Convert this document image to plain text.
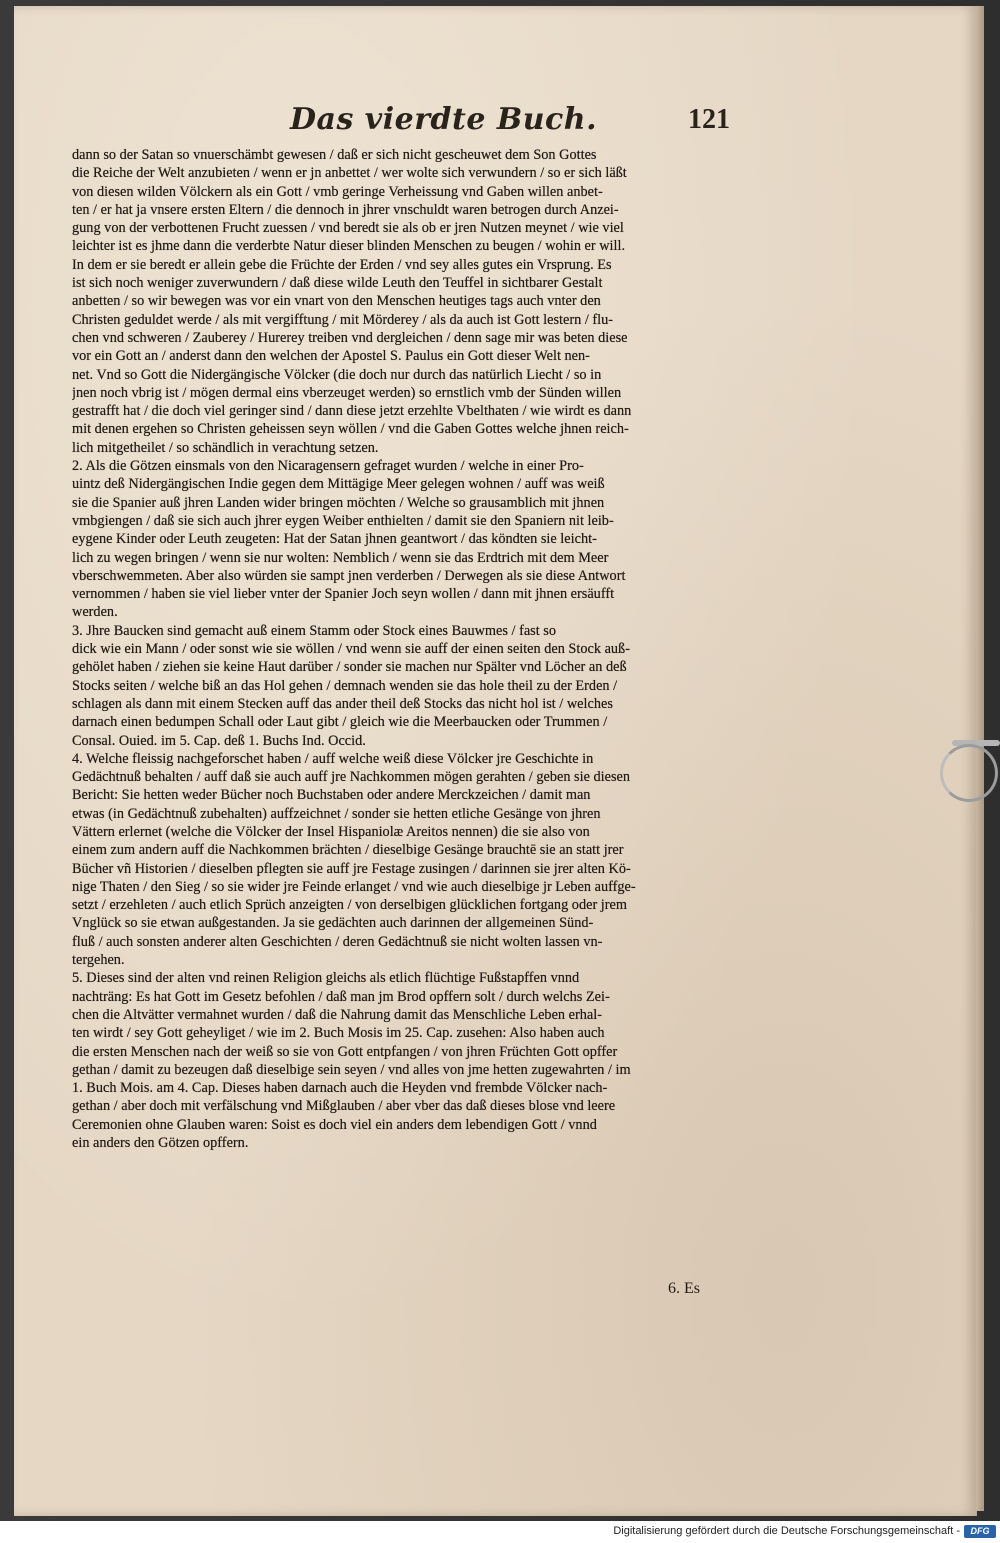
Das vierdte Buch.	121
dann so der Satan so vnuerschämbt gewesen / daß er sich nicht gescheuwet dem Son Gottes
die Reiche der Welt anzubieten / wenn er jn anbettet / wer wolte sich verwundern / so er sich läßt
von diesen wilden Völckern als ein Gott / vmb geringe Verheissung vnd Gaben willen anbet-
ten / er hat ja vnsere ersten Eltern / die dennoch in jhrer vnschuldt waren betrogen durch Anzei-
gung von der verbottenen Frucht zuessen / vnd beredt sie als ob er jren Nutzen meynet / wie viel
leichter ist es jhme dann die verderbte Natur dieser blinden Menschen zu beugen / wohin er will.
In dem er sie beredt er allein gebe die Früchte der Erden / vnd sey alles gutes ein Vrsprung. Es
ist sich noch weniger zuverwundern / daß diese wilde Leuth den Teuffel in sichtbarer Gestalt
anbetten / so wir bewegen was vor ein vnart von den Menschen heutiges tags auch vnter den
Christen geduldet werde / als mit vergifftung / mit Mörderey / als da auch ist Gott lestern / flu-
chen vnd schweren / Zauberey / Hurerey treiben vnd dergleichen / denn sage mir was beten diese
vor ein Gott an / anderst dann den welchen der Apostel S. Paulus ein Gott dieser Welt nen-
net. Vnd so Gott die Nidergängische Völcker (die doch nur durch das natürlich Liecht / so in
jnen noch vbrig ist / mögen dermal eins vberzeuget werden) so ernstlich vmb der Sünden willen
gestrafft hat / die doch viel geringer sind / dann diese jetzt erzehlte Vbelthaten / wie wirdt es dann
mit denen ergehen so Christen geheissen seyn wöllen / vnd die Gaben Gottes welche jhnen reich-
lich mitgetheilet / so schändlich in verachtung setzen.
2. Als die Götzen einsmals von den Nicaragensern gefraget wurden / welche in einer Pro-
uintz deß Nidergängischen Indie gegen dem Mittägige Meer gelegen wohnen / auff was weiß
sie die Spanier auß jhren Landen wider bringen möchten / Welche so grausamblich mit jhnen
vmbgiengen / daß sie sich auch jhrer eygen Weiber enthielten / damit sie den Spaniern nit leib-
eygene Kinder oder Leuth zeugeten: Hat der Satan jhnen geantwort / das köndten sie leicht-
lich zu wegen bringen / wenn sie nur wolten: Nemblich / wenn sie das Erdtrich mit dem Meer
vberschwemmeten. Aber also würden sie sampt jnen verderben / Derwegen als sie diese Antwort
vernommen / haben sie viel lieber vnter der Spanier Joch seyn wollen / dann mit jhnen ersäufft
werden.
3. Jhre Baucken sind gemacht auß einem Stamm oder Stock eines Bauwmes / fast so
dick wie ein Mann / oder sonst wie sie wöllen / vnd wenn sie auff der einen seiten den Stock auß-
gehölet haben / ziehen sie keine Haut darüber / sonder sie machen nur Spälter vnd Löcher an deß
Stocks seiten / welche biß an das Hol gehen / demnach wenden sie das hole theil zu der Erden /
schlagen als dann mit einem Stecken auff das ander theil deß Stocks das nicht hol ist / welches
darnach einen bedumpen Schall oder Laut gibt / gleich wie die Meerbaucken oder Trummen /
Consal. Ouied. im 5. Cap. deß 1. Buchs Ind. Occid.
4. Welche fleissig nachgeforschet haben / auff welche weiß diese Völcker jre Geschichte in
Gedächtnuß behalten / auff daß sie auch auff jre Nachkommen mögen gerahten / geben sie diesen
Bericht: Sie hetten weder Bücher noch Buchstaben oder andere Merckzeichen / damit man
etwas (in Gedächtnuß zubehalten) auffzeichnet / sonder sie hetten etliche Gesänge von jhren
Vättern erlernet (welche die Völcker der Insel Hispaniolæ Areitos nennen) die sie also von
einem zum andern auff die Nachkommen brächten / dieselbige Gesänge brauchtē sie an statt jrer
Bücher vñ Historien / dieselben pflegten sie auff jre Festage zusingen / darinnen sie jrer alten Kö-
nige Thaten / den Sieg / so sie wider jre Feinde erlanget / vnd wie auch dieselbige jr Leben auffge-
setzt / erzehleten / auch etlich Sprüch anzeigten / von derselbigen glücklichen fortgang oder jrem
Vnglück so sie etwan außgestanden. Ja sie gedächten auch darinnen der allgemeinen Sünd-
fluß / auch sonsten anderer alten Geschichten / deren Gedächtnuß sie nicht wolten lassen vn-
tergehen.
5. Dieses sind der alten vnd reinen Religion gleichs als etlich flüchtige Fußstapffen vnnd
nachträng: Es hat Gott im Gesetz befohlen / daß man jm Brod opffern solt / durch welchs Zei-
chen die Altvätter vermahnet wurden / daß die Nahrung damit das Menschliche Leben erhal-
ten wirdt / sey Gott geheyliget / wie im 2. Buch Mosis im 25. Cap. zusehen: Also haben auch
die ersten Menschen nach der weiß so sie von Gott entpfangen / von jhren Früchten Gott opffer
gethan / damit zu bezeugen daß dieselbige sein seyen / vnd alles von jme hetten zugewahrten / im
1. Buch Mois. am 4. Cap. Dieses haben darnach auch die Heyden vnd frembde Völcker nach-
gethan / aber doch mit verfälschung vnd Mißglauben / aber vber das daß dieses blose vnd leere
Ceremonien ohne Glauben waren: Soist es doch viel ein anders dem lebendigen Gott / vnnd
ein anders den Götzen opffern.
6. Es
Digitalisierung gefördert durch die Deutsche Forschungsgemeinschaft -	DFG
